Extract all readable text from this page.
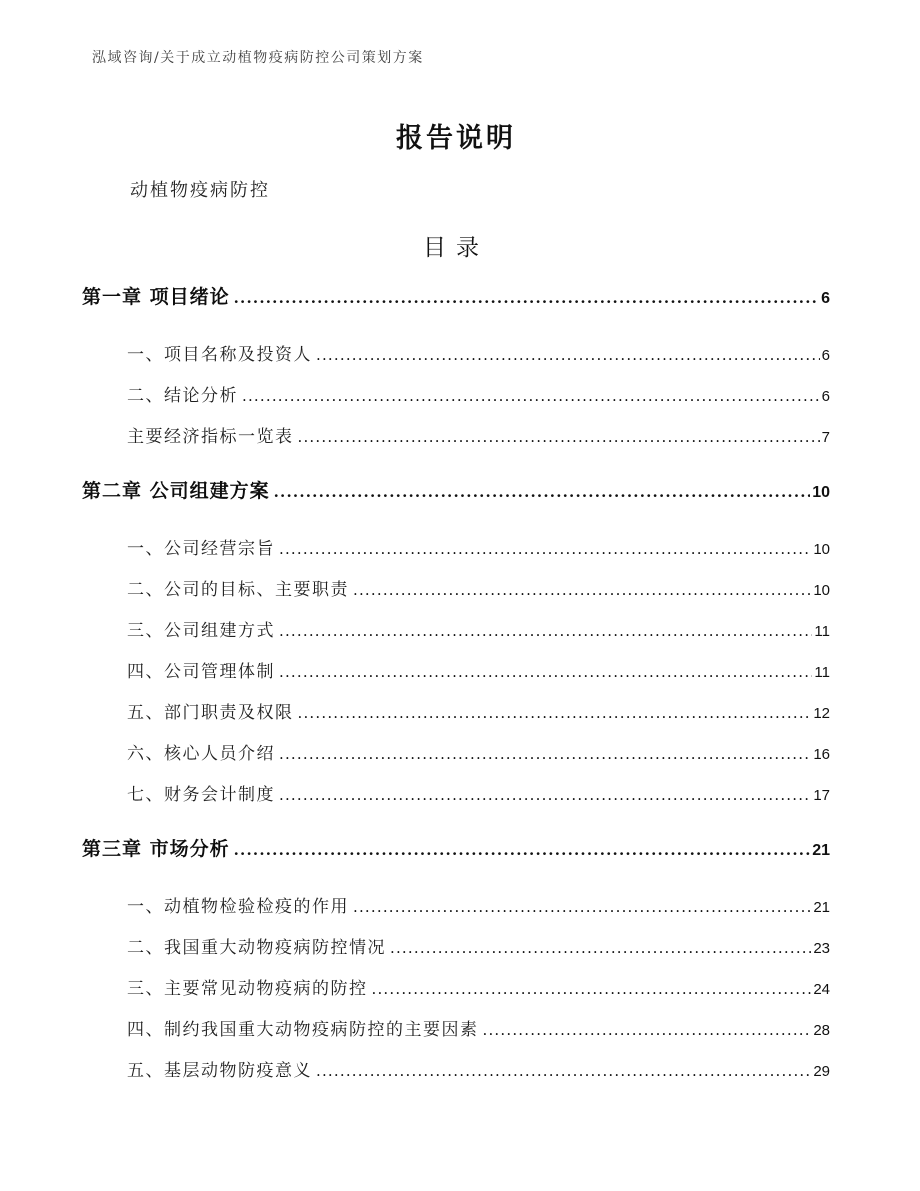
泓域咨询/关于成立动植物疫病防控公司策划方案
报告说明

动植物疫病防控

目录
第一章 项目绪论 .....	6
一、项目名称及投资人 .....	6
二、结论分析 .....	6
主要经济指标一览表 .....	7
第二章 公司组建方案 .....	10
一、公司经营宗旨 .....	10
二、公司的目标、主要职责 .....	10
三、公司组建方式 .....	11
四、公司管理体制 .....	11
五、部门职责及权限 .....	12
六、核心人员介绍 .....	16
七、财务会计制度 .....	17
第三章 市场分析 .....	21
一、动植物检验检疫的作用 .....	21
二、我国重大动物疫病防控情况 .....	23
三、主要常见动物疫病的防控 .....	24
四、制约我国重大动物疫病防控的主要因素 .....	28
五、基层动物防疫意义 .....	29
